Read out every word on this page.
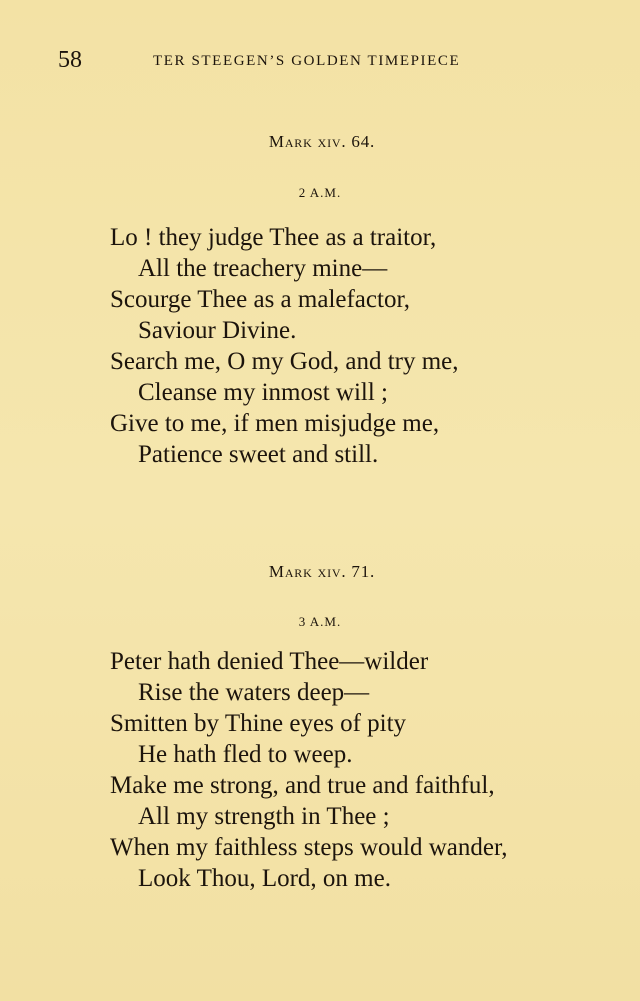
58	TER STEEGEN’S GOLDEN TIMEPIECE
Mark xiv. 64.
2 A.M.
Lo ! they judge Thee as a traitor,
All the treachery mine—
Scourge Thee as a malefactor,
Saviour Divine.
Search me, O my God, and try me,
Cleanse my inmost will ;
Give to me, if men misjudge me,
Patience sweet and still.
Mark xiv. 71.
3 A.M.
Peter hath denied Thee—wilder
Rise the waters deep—
Smitten by Thine eyes of pity
He hath fled to weep.
Make me strong, and true and faithful,
All my strength in Thee ;
When my faithless steps would wander,
Look Thou, Lord, on me.
